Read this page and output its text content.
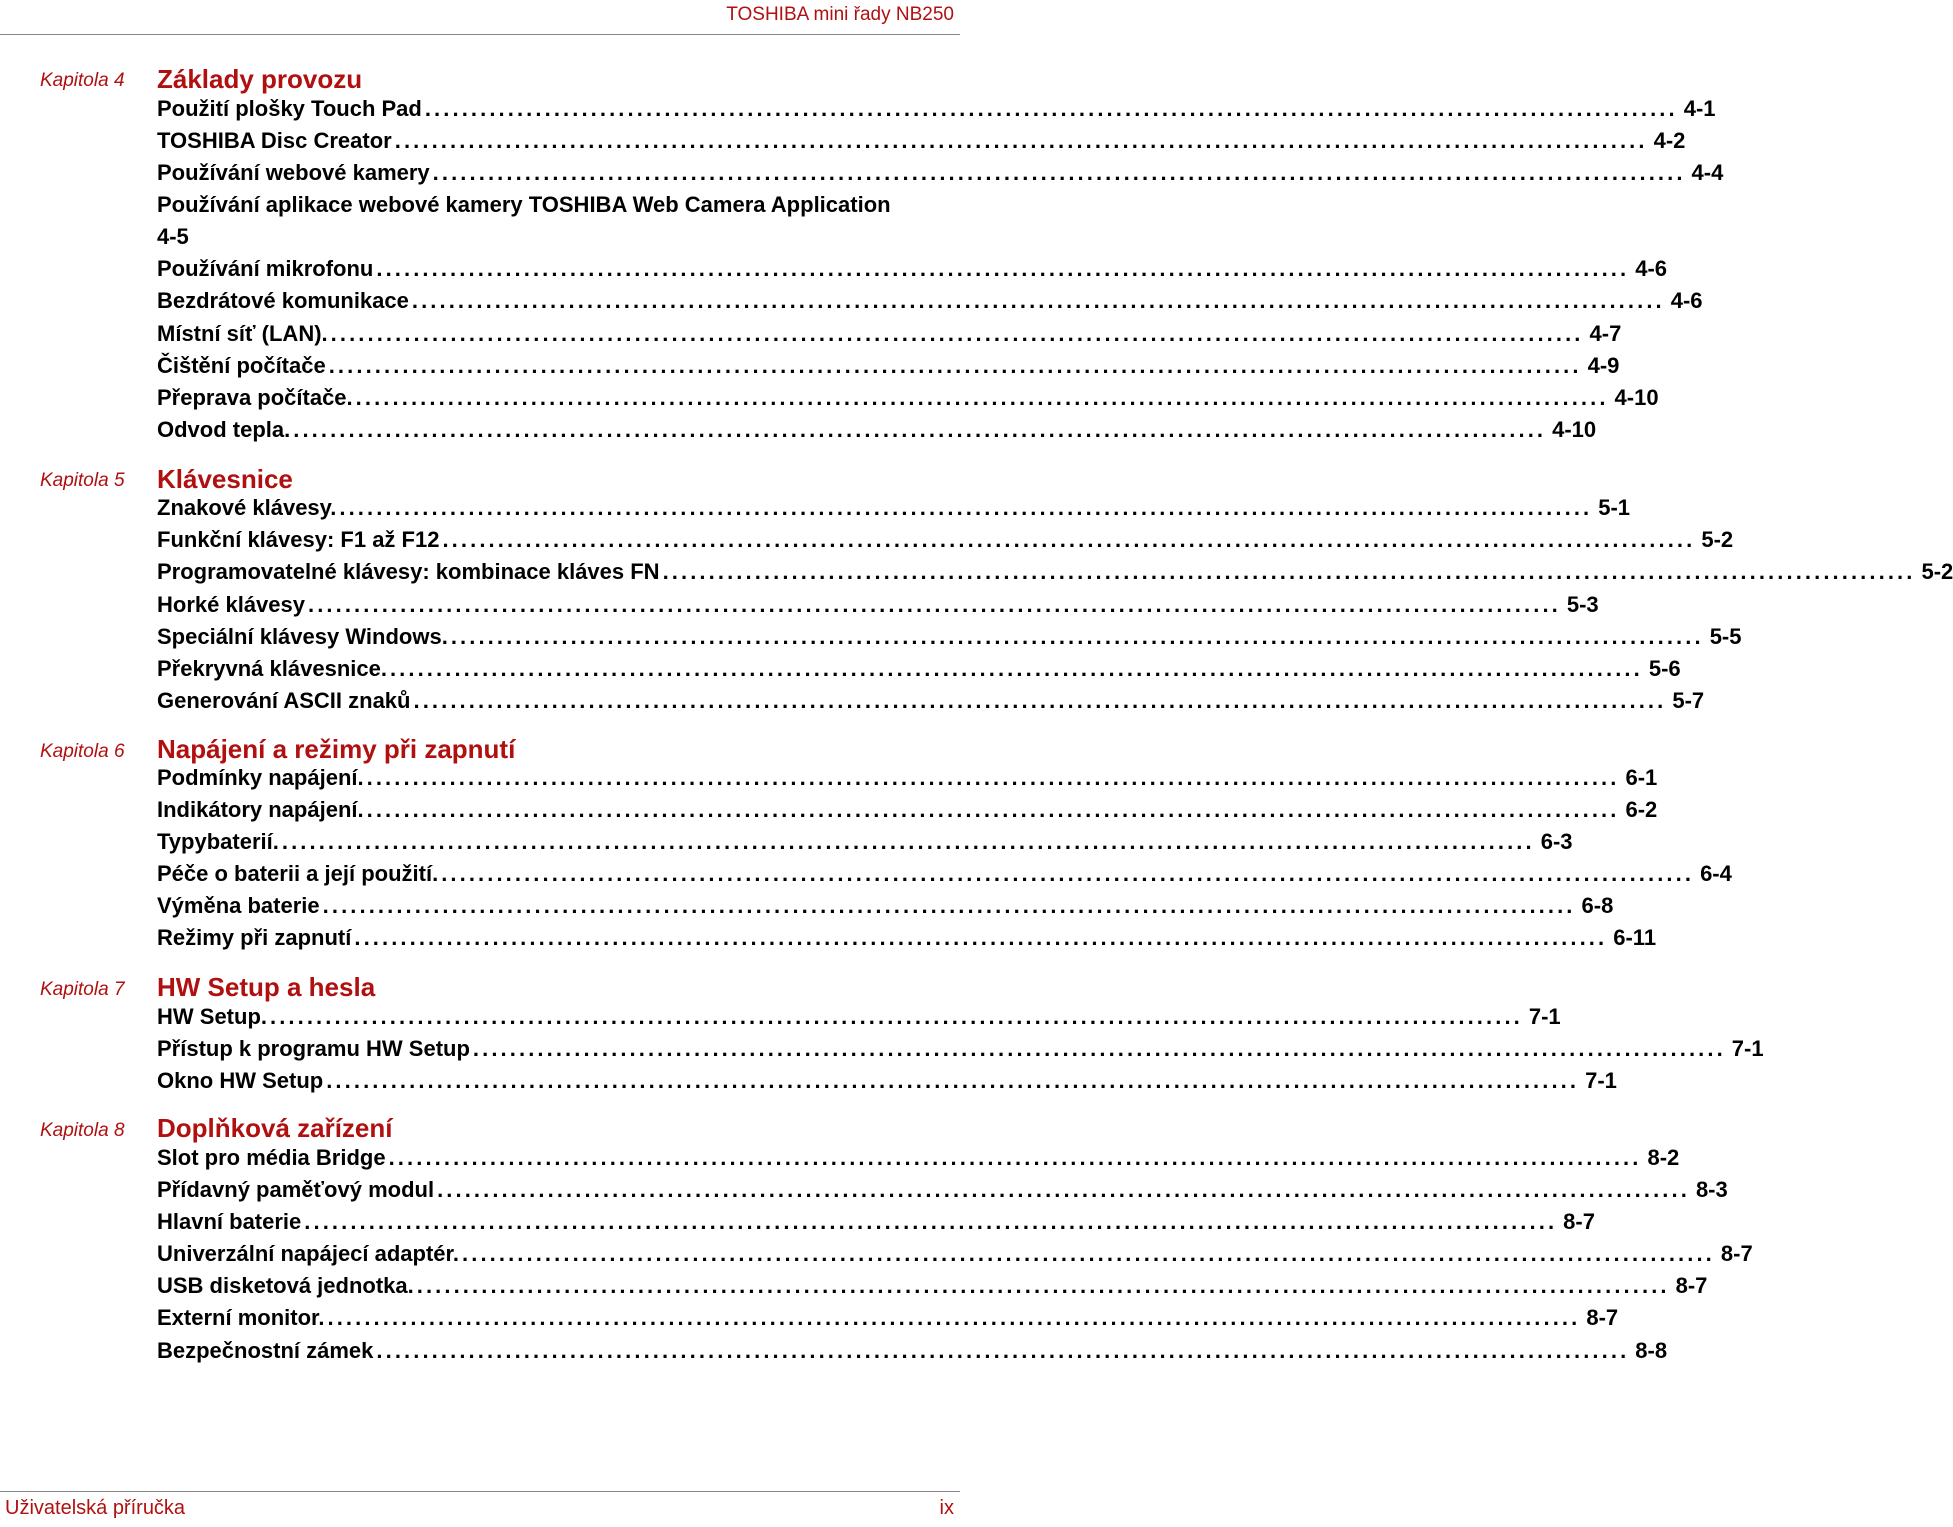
TOSHIBA mini řady NB250
Kapitola 4 Základy provozu
Použití plošky Touch Pad ........................................................................................................................................ 4-1
TOSHIBA Disc Creator ........................................................................................................................................ 4-2
Používání webové kamery ........................................................................................................................................ 4-4
Používání aplikace webové kamery TOSHIBA Web Camera Application
4-5
Používání mikrofonu ........................................................................................................................................ 4-6
Bezdrátové komunikace ........................................................................................................................................ 4-6
Místní síť (LAN). ........................................................................................................................................ 4-7
Čištění počítače ........................................................................................................................................ 4-9
Přeprava počítače. ........................................................................................................................................ 4-10
Odvod tepla. ........................................................................................................................................ 4-10
Kapitola 5 Klávesnice
Znakové klávesy. ........................................................................................................................................ 5-1
Funkční klávesy: F1 až F12 ........................................................................................................................................ 5-2
Programovatelné klávesy: kombinace kláves FN ........................................................................................................................................ 5-2
Horké klávesy ........................................................................................................................................ 5-3
Speciální klávesy Windows. ........................................................................................................................................ 5-5
Překryvná klávesnice. ........................................................................................................................................ 5-6
Generování ASCII znaků ........................................................................................................................................ 5-7
Kapitola 6 Napájení a režimy při zapnutí
Podmínky napájení. ........................................................................................................................................ 6-1
Indikátory napájení. ........................................................................................................................................ 6-2
Typybaterií. ........................................................................................................................................ 6-3
Péče o baterii a její použití. ........................................................................................................................................ 6-4
Výměna baterie ........................................................................................................................................ 6-8
Režimy při zapnutí ........................................................................................................................................ 6-11
Kapitola 7 HW Setup a hesla
HW Setup. ........................................................................................................................................ 7-1
Přístup k programu HW Setup ........................................................................................................................................ 7-1
Okno HW Setup ........................................................................................................................................ 7-1
Kapitola 8 Doplňková zařízení
Slot pro média Bridge ........................................................................................................................................ 8-2
Přídavný paměťový modul ........................................................................................................................................ 8-3
Hlavní baterie ........................................................................................................................................ 8-7
Univerzální napájecí adaptér. ........................................................................................................................................ 8-7
USB disketová jednotka. ........................................................................................................................................ 8-7
Externí monitor. ........................................................................................................................................ 8-7
Bezpečnostní zámek ........................................................................................................................................ 8-8
Uživatelská příručka	ix
